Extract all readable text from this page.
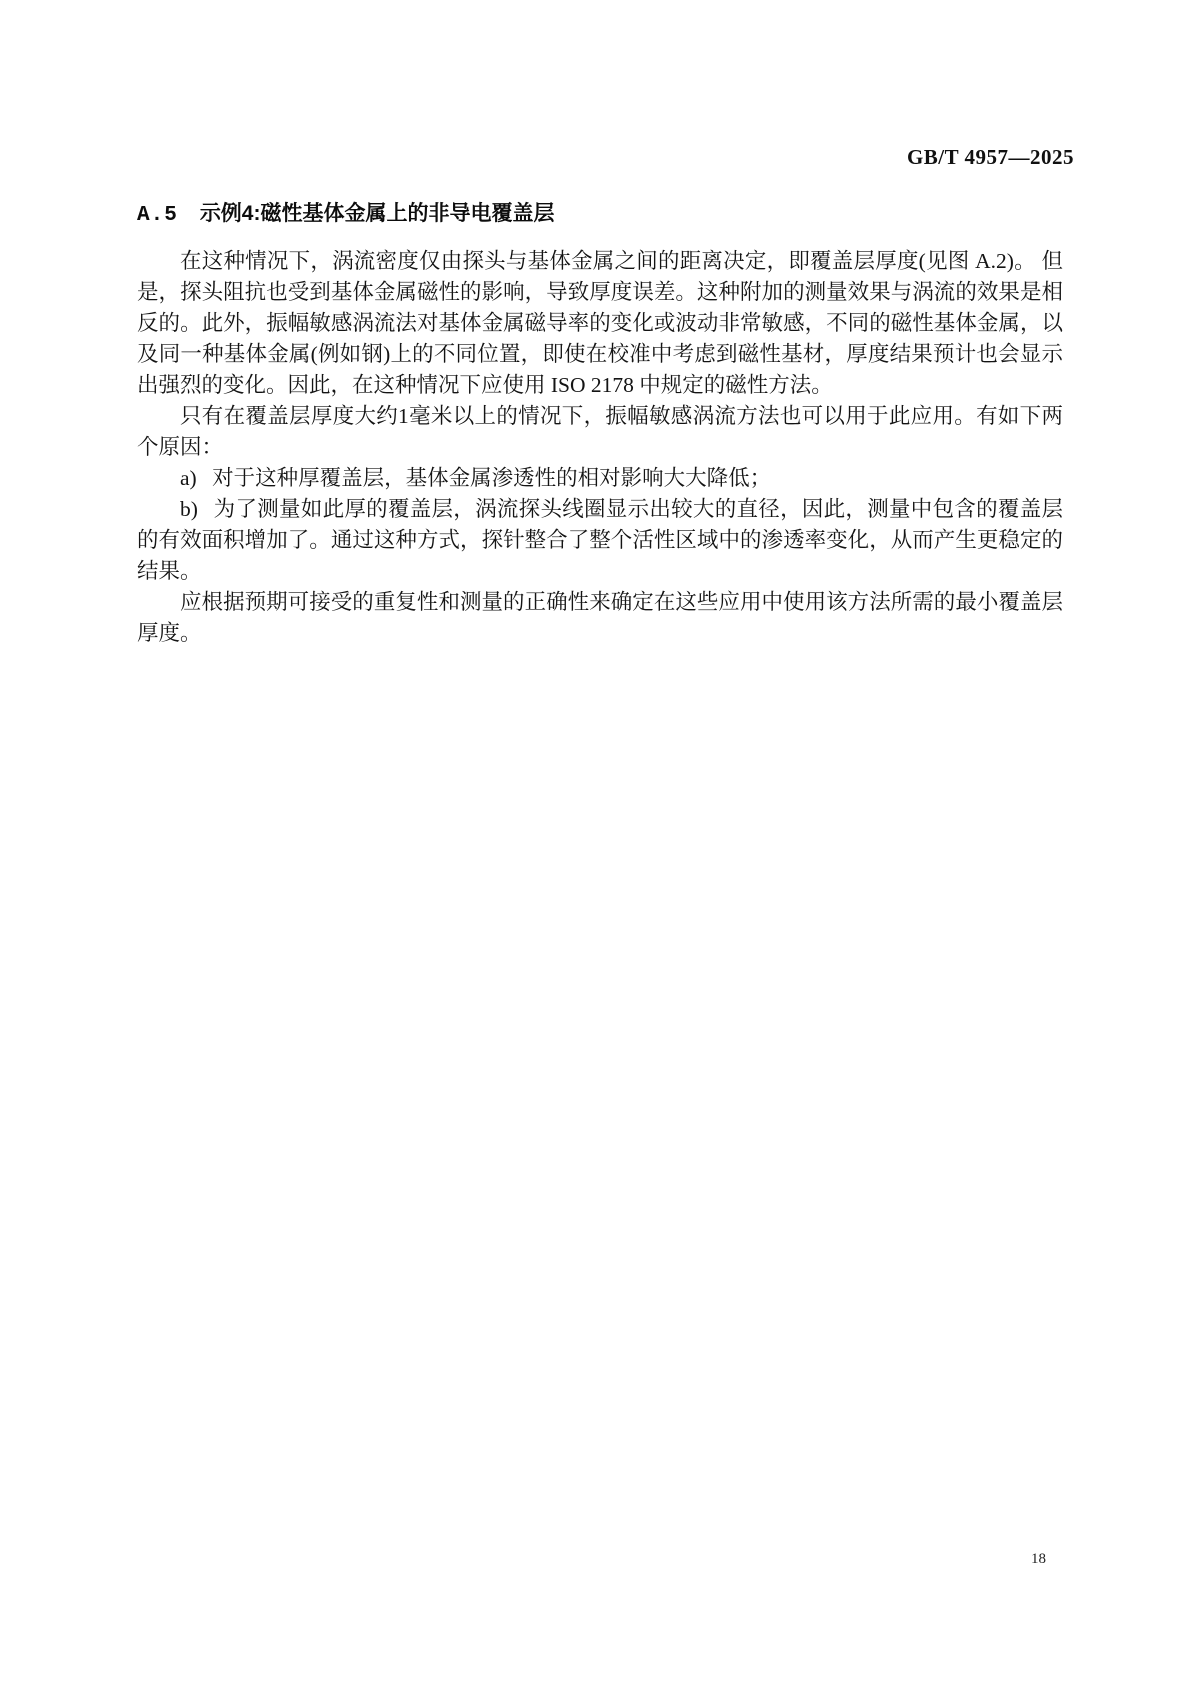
GB/T 4957—2025
A.5 示例4:磁性基体金属上的非导电覆盖层

在这种情况下，涡流密度仅由探头与基体金属之间的距离决定，即覆盖层厚度(见图 A.2)。 但是，探头阻抗也受到基体金属磁性的影响，导致厚度误差。这种附加的测量效果与涡流的效果是相反的。此外，振幅敏感涡流法对基体金属磁导率的变化或波动非常敏感，不同的磁性基体金属，以及同一种基体金属(例如钢)上的不同位置，即使在校准中考虑到磁性基材，厚度结果预计也会显示出强烈的变化。因此，在这种情况下应使用 ISO 2178 中规定的磁性方法。

只有在覆盖层厚度大约1毫米以上的情况下，振幅敏感涡流方法也可以用于此应用。有如下两个原因：

a) 对于这种厚覆盖层，基体金属渗透性的相对影响大大降低；

b) 为了测量如此厚的覆盖层，涡流探头线圈显示出较大的直径，因此，测量中包含的覆盖层的有效面积增加了。通过这种方式，探针整合了整个活性区域中的渗透率变化，从而产生更稳定的结果。

应根据预期可接受的重复性和测量的正确性来确定在这些应用中使用该方法所需的最小覆盖层厚度。

18
